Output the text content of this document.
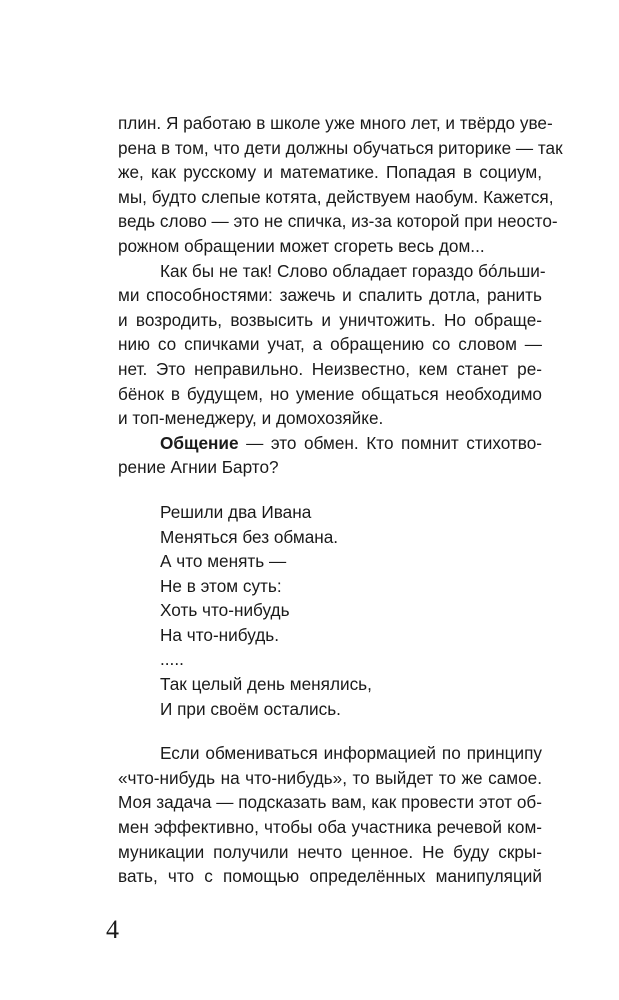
плин. Я работаю в школе уже много лет, и твёрдо уве-
рена в том, что дети должны обучаться риторике — так
же, как русскому и математике. Попадая в социум,
мы, будто слепые котята, действуем наобум. Кажется,
ведь слово — это не спичка, из-за которой при неосто-
рожном обращении может сгореть весь дом...
Как бы не так! Слово обладает гораздо бóльши-
ми способностями: зажечь и спалить дотла, ранить
и возродить, возвысить и уничтожить. Но обраще-
нию со спичками учат, а обращению со словом —
нет. Это неправильно. Неизвестно, кем станет ре-
бёнок в будущем, но умение общаться необходимо
и топ-менеджеру, и домохозяйке.
Общение — это обмен. Кто помнит стихотво-
рение Агнии Барто?
Решили два Ивана
Меняться без обмана.
А что менять —
Не в этом суть:
Хоть что-нибудь
На что-нибудь.
.....
Так целый день менялись,
И при своём остались.
Если обмениваться информацией по принципу
«что-нибудь на что-нибудь», то выйдет то же самое.
Моя задача — подсказать вам, как провести этот об-
мен эффективно, чтобы оба участника речевой ком-
муникации получили нечто ценное. Не буду скры-
вать, что с помощью определённых манипуляций
4
